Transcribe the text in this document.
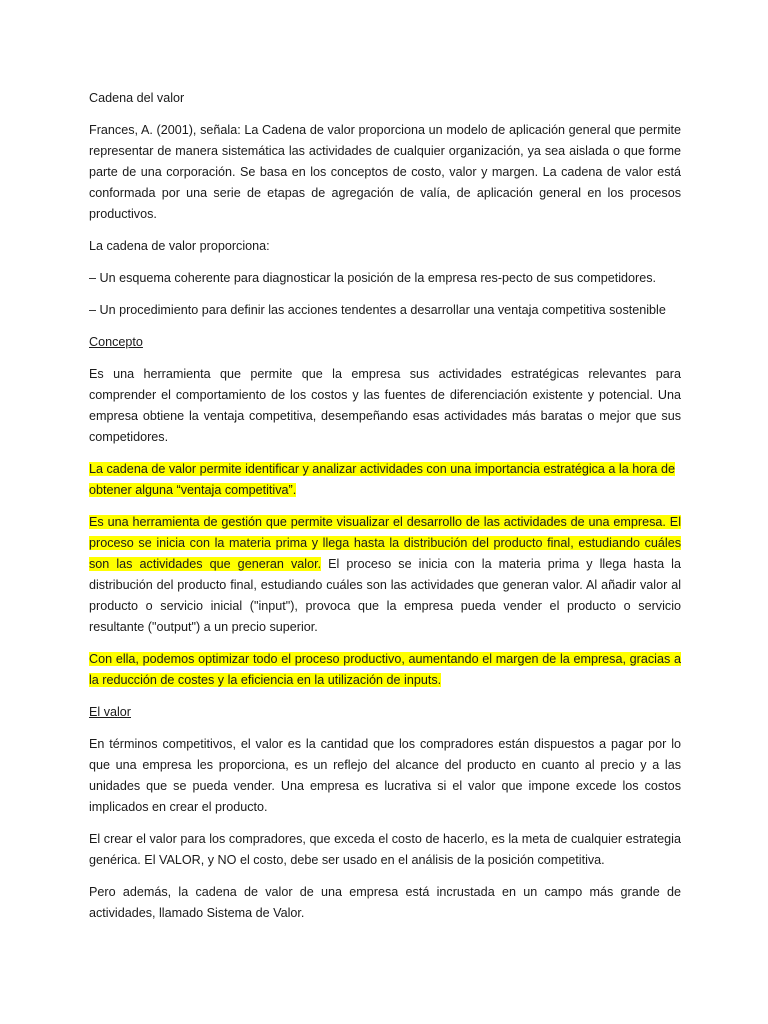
Cadena del valor

Frances, A. (2001), señala: La Cadena de valor proporciona un modelo de aplicación general que permite representar de manera sistemática las actividades de cualquier organización, ya sea aislada o que forme parte de una corporación. Se basa en los conceptos de costo, valor y margen. La cadena de valor está conformada por una serie de etapas de agregación de valía, de aplicación general en los procesos productivos.

La cadena de valor proporciona:

– Un esquema coherente para diagnosticar la posición de la empresa res-pecto de sus competidores.

– Un procedimiento para definir las acciones tendentes a desarrollar una ventaja competitiva sostenible

Concepto

Es una herramienta que permite que la empresa sus actividades estratégicas relevantes para comprender el comportamiento de los costos y las fuentes de diferenciación existente y potencial. Una empresa obtiene la ventaja competitiva, desempeñando esas actividades más baratas o mejor que sus competidores.

La cadena de valor permite identificar y analizar actividades con una importancia estratégica a la hora de obtener alguna “ventaja competitiva”.

Es una herramienta de gestión que permite visualizar el desarrollo de las actividades de una empresa. El proceso se inicia con la materia prima y llega hasta la distribución del producto final, estudiando cuáles son las actividades que generan valor. El proceso se inicia con la materia prima y llega hasta la distribución del producto final, estudiando cuáles son las actividades que generan valor. Al añadir valor al producto o servicio inicial ("input"), provoca que la empresa pueda vender el producto o servicio resultante ("output") a un precio superior.

Con ella, podemos optimizar todo el proceso productivo, aumentando el margen de la empresa, gracias a la reducción de costes y la eficiencia en la utilización de inputs.

El valor

En términos competitivos, el valor es la cantidad que los compradores están dispuestos a pagar por lo que una empresa les proporciona, es un reflejo del alcance del producto en cuanto al precio y a las unidades que se pueda vender. Una empresa es lucrativa si el valor que impone excede los costos implicados en crear el producto.

El crear el valor para los compradores, que exceda el costo de hacerlo, es la meta de cualquier estrategia genérica. El VALOR, y NO el costo, debe ser usado en el análisis de la posición competitiva.

Pero además, la cadena de valor de una empresa está incrustada en un campo más grande de actividades, llamado Sistema de Valor.
